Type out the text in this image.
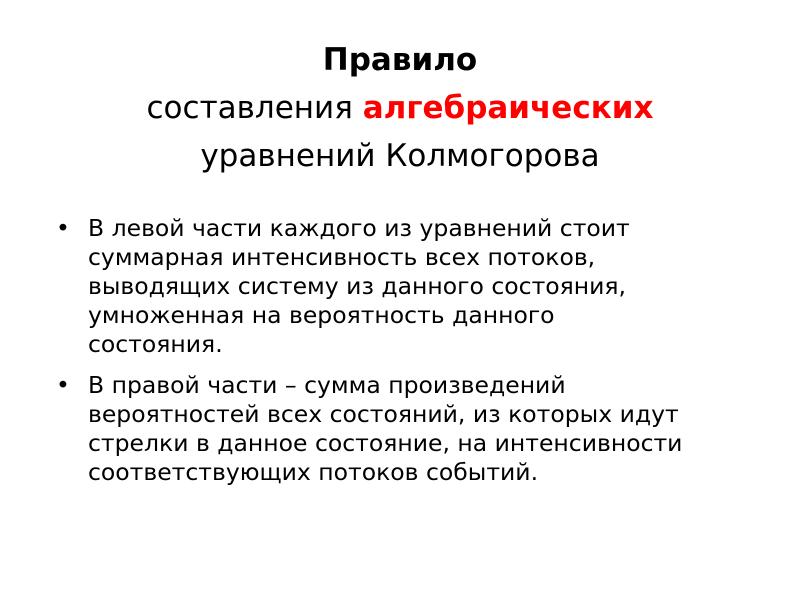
Правило
составления алгебраических
уравнений Колмогорова
• В левой части каждого из уравнений стоит
суммарная интенсивность всех потоков,
выводящих систему из данного состояния,
умноженная на вероятность данного
состояния.
• В правой части – сумма произведений
вероятностей всех состояний, из которых идут
стрелки в данное состояние, на интенсивности
соответствующих потоков событий.
